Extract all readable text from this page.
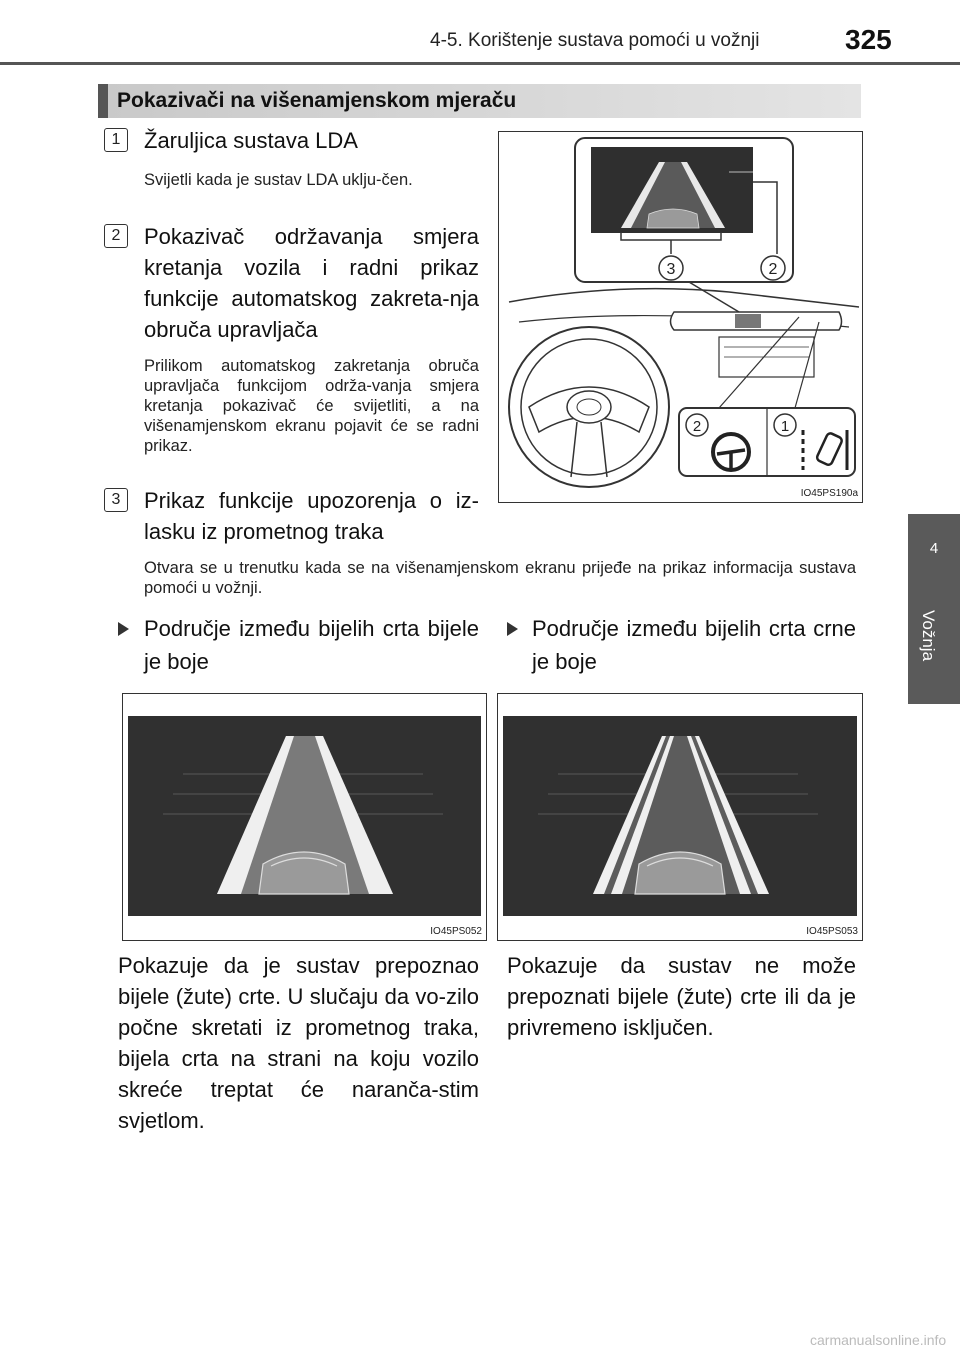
4-5. Korištenje sustava pomoći u vožnji	325
4
Vožnja
Pokazivači na višenamjenskom mjeraču
1	Žaruljica sustava LDA
Svijetli kada je sustav LDA uklju-čen.
2	Pokazivač održavanja smjera kretanja vozila i radni prikaz funkcije automatskog zakreta-nja obruča upravljača
Prilikom automatskog zakretanja obruča upravljača funkcijom održa-vanja smjera kretanja pokazivač će svijetliti, a na višenamjenskom ekranu pojavit će se radni prikaz.
3	Prikaz funkcije upozorenja o iz-lasku iz prometnog traka
Otvara se u trenutku kada se na višenamjenskom ekranu prijeđe na prikaz informacija sustava pomoći u vožnji.
3	2
2	1
IO45PS190a
Područje između bijelih crta bijele je boje
Područje između bijelih crta crne je boje
IO45PS052	IO45PS053
Pokazuje da je sustav prepoznao bijele (žute) crte. U slučaju da vo-zilo počne skretati iz prometnog traka, bijela crta na strani na koju vozilo skreće treptat će naranča-stim svjetlom.
Pokazuje da sustav ne može prepoznati bijele (žute) crte ili da je privremeno isključen.
carmanualsonline.info
